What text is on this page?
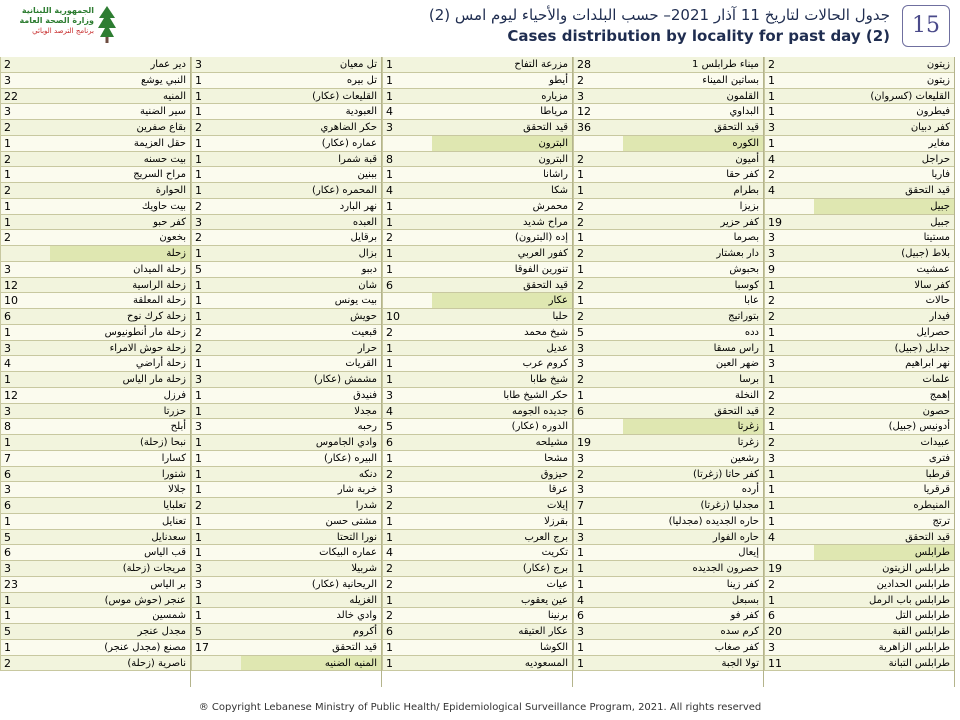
الجمهورية اللبنانية
وزارة الصحة العامة
برنامج الترصد الوبائي
جدول الحالات لتاريخ 11 آذار 2021– حسب البلدات والأحياء ليوم امس (2)
Cases distribution by locality for past day (2)	15
زيتون
2
زيتون
1
القليعات (كسروان)
1
فيطرون
1
كفر دبيان
3
مغاير
1
حراجل
4
فاريا
2
قيد التحقق
4
جبيل
جبيل
19
مستيتا
3
بلاط (جبيل)
3
عمشيت
9
كفر سالا
1
حالات
2
فيدار
2
حصرايل
1
جدايل (جبيل)
1
نهر ابراهيم
3
علمات
1
إهمج
2
حصون
2
أدونيس (جبيل)
1
عبيدات
2
فترى
3
قرطبا
1
قرقريا
1
المنيطره
1
ترتج
1
قيد التحقق
4
طرابلس
طرابلس الزيتون
19
طرابلس الحدادين
2
طرابلس باب الرمل
1
طرابلس التل
6
طرابلس القبة
20
طرابلس الزاهرية
3
طرابلس التبانة
11
ميناء طرابلس 1
28
بساتين الميناء
2
القلمون
3
البداوي
12
قيد التحقق
36
الكوره
أميون
2
كفر حقا
1
بطرام
1
بزيزا
2
كفر حزير
2
بصرما
1
دار بعشتار
2
بحبوش
1
كوسبا
2
عابا
1
بتوراتيج
2
دده
5
راس مسقا
3
ضهر العين
3
برسا
2
النخلة
1
قيد التحقق
6
زغرتا
زغرتا
19
رشعين
3
كفر حاتا (زغرتا)
2
أرده
3
مجدليا (زغرتا)
7
حاره الجديده (مجدليا)
1
حاره الفوار
3
إيعال
1
حصرون الجديده
1
كفر زينا
1
بسبعل
4
كفر فو
6
كرم سده
3
كفر صغاب
1
تولا الجبة
1
مزرعة التفاح
1
أيطو
1
مزياره
1
مرياطا
4
قيد التحقق
3
البترون
البترون
8
راشانا
1
شكا
4
محمرش
1
مراح شديد
1
إده (البترون)
2
كفور العربي
1
تنورين الفوقا
1
قيد التحقق
6
عكار
حلبا
10
شيخ محمد
2
عديل
1
كروم عرب
1
شيخ طابا
1
حكر الشيخ طابا
3
جديده الجومه
4
الدوره (عكار)
5
مشيلحه
6
مشحا
1
حيزوق
2
عرقا
3
إيلات
2
بقرزلا
1
برج العرب
1
تكريت
4
برج (عكار)
2
عيات
2
عين يعقوب
1
برنينا
2
عكار العتيقه
6
الكوشا
1
المسعوديه
1
تل معيان
3
تل بيره
1
القليعات (عكار)
1
العبودية
1
حكر الضاهري
2
عماره (عكار)
1
قبة شمرا
1
ببنين
1
المحمره (عكار)
1
نهر البارد
2
العبده
3
برقايل
2
بزال
1
دببو
5
شان
1
بيت يونس
1
حويش
1
قبعيت
2
حرار
2
القريات
1
مشمش (عكار)
3
فنيدق
1
مجدلا
1
رحبه
3
وادي الجاموس
1
البيره (عكار)
1
دنكه
1
خربة شار
1
شدرا
2
مشتى حسن
1
نورا التحتا
1
عماره البيكات
1
شربيلا
3
الريحانية (عكار)
3
الغزيله
1
وادي خالد
1
أكروم
5
قيد التحقق
17
المنيه الضنيه
دير عمار
2
النبي يوشع
3
المنيه
22
سير الضنية
3
بقاع صفرين
2
حقل العزيمة
1
بيت حسنه
2
مراح السريج
1
الحوارة
2
بيت حاويك
1
كفر حبو
1
بخعون
2
زحلة
زحلة الميدان
3
زحلة الراسية
12
زحلة المعلقة
10
زحلة كرك نوح
6
زحلة مار أنطونيوس
1
زحلة حوش الامراء
3
زحلة أراضي
4
زحلة مار الياس
1
فرزل
12
حزرتا
3
أبلح
8
نبحا (زحلة)
1
كسارا
7
شتورا
6
جلالا
3
تعلبايا
6
تعنايل
1
سعدنايل
5
قب الياس
6
مريجات (زحلة)
3
بر الياس
23
عنجر (حوش موس)
1
شمسين
1
مجدل عنجر
5
مصنع (مجدل عنجر)
1
ناصرية (زحلة)
2
® Copyright Lebanese Ministry of Public Health/ Epidemiological Surveillance Program, 2021. All rights reserved
